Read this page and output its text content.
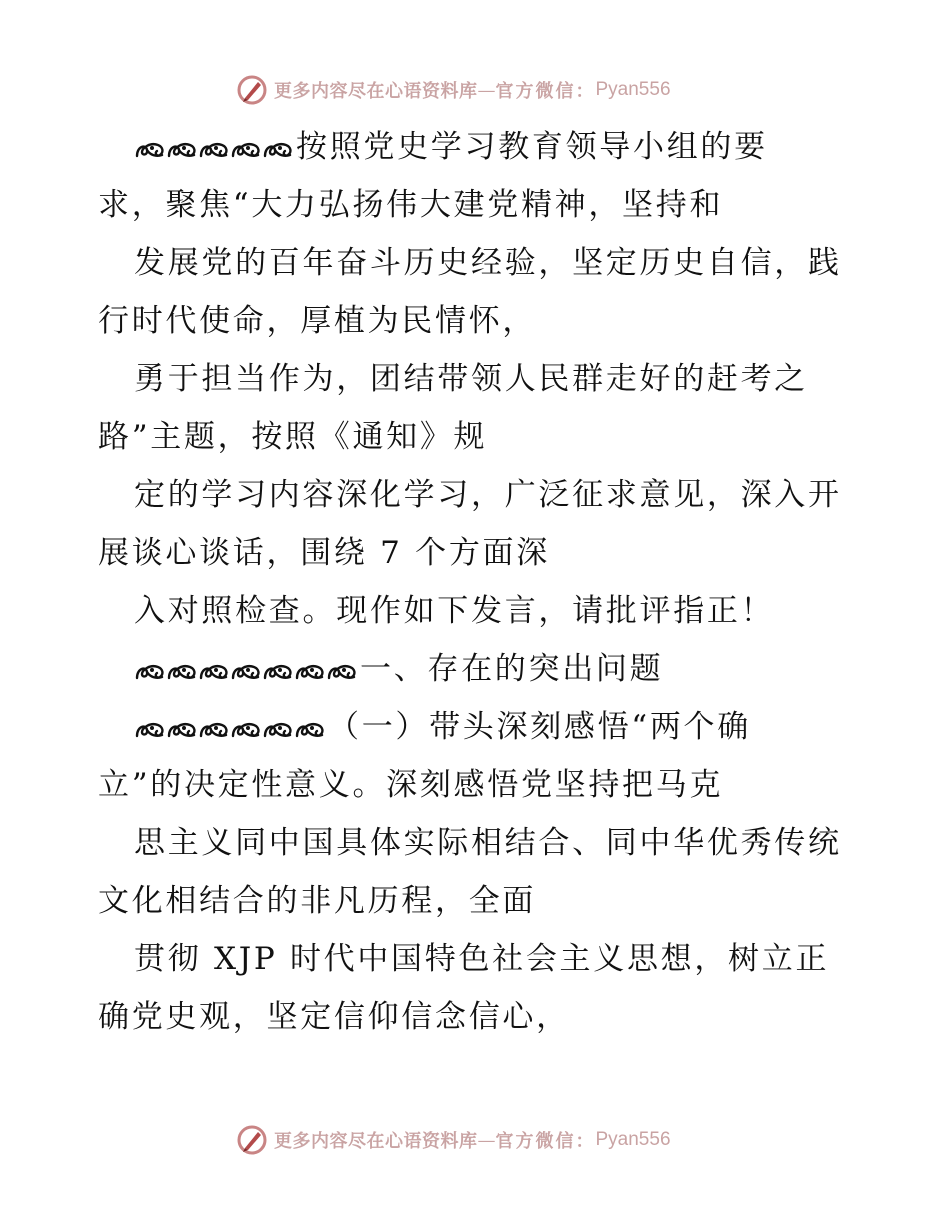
更多内容尽在心语资料库 — 官方微信： Pyan556
按照党史学习教育领导小组的要
求，聚焦“大力弘扬伟大建党精神，坚持和
发展党的百年奋斗历史经验，坚定历史自信，践
行时代使命，厚植为民情怀，
勇于担当作为，团结带领人民群走好的赶考之
路”主题，按照《通知》规
定的学习内容深化学习，广泛征求意见，深入开
展谈心谈话，围绕 7 个方面深
入对照检查。现作如下发言，请批评指正！
一、存在的突出问题
（一）带头深刻感悟“两个确
立”的决定性意义。深刻感悟党坚持把马克
思主义同中国具体实际相结合、同中华优秀传统
文化相结合的非凡历程，全面
贯彻 XJP 时代中国特色社会主义思想，树立正
确党史观，坚定信仰信念信心，
更多内容尽在心语资料库 — 官方微信： Pyan556
